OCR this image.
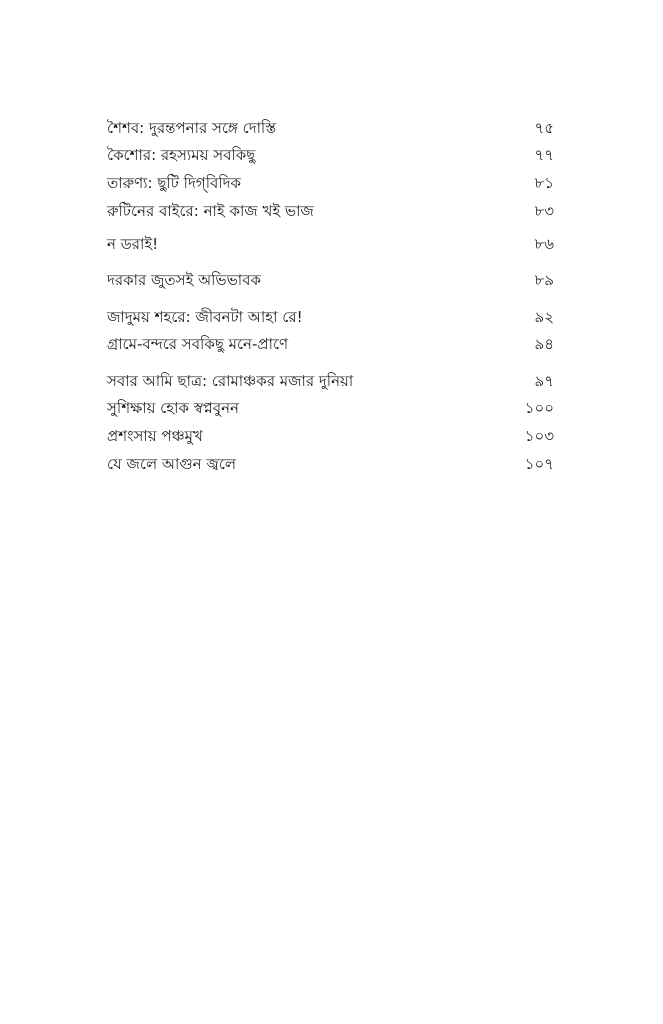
শৈশব: দুরন্তপনার সঙ্গে দোস্তি	৭৫
কৈশোর: রহস্যময় সবকিছু	৭৭
তারুণ্য: ছুটি দিগ্‌বিদিক	৮১
রুটিনের বাইরে: নাই কাজ খই ভাজ	৮৩
ন ডরাই!	৮৬
দরকার জুতসই অভিভাবক	৮৯
জাদুময় শহরে: জীবনটা আহা রে!	৯২
গ্রামে-বন্দরে সবকিছু মনে-প্রাণে	৯৪
সবার আমি ছাত্র: রোমাঞ্চকর মজার দুনিয়া	৯৭
সুশিক্ষায় হোক স্বপ্নবুনন	১০০
প্রশংসায় পঞ্চমুখ	১০৩
যে জলে আগুন জ্বলে	১০৭
